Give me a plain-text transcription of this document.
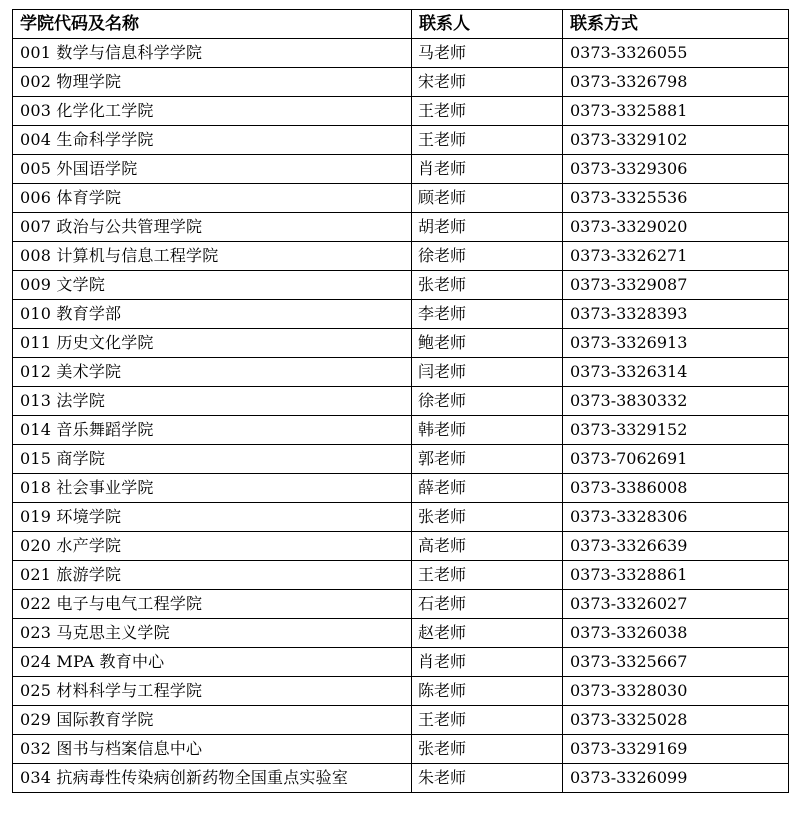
学院代码及名称	联系人	联系方式
001 数学与信息科学学院	马老师	0373-3326055
002 物理学院	宋老师	0373-3326798
003 化学化工学院	王老师	0373-3325881
004 生命科学学院	王老师	0373-3329102
005 外国语学院	肖老师	0373-3329306
006 体育学院	顾老师	0373-3325536
007 政治与公共管理学院	胡老师	0373-3329020
008 计算机与信息工程学院	徐老师	0373-3326271
009 文学院	张老师	0373-3329087
010 教育学部	李老师	0373-3328393
011 历史文化学院	鲍老师	0373-3326913
012 美术学院	闫老师	0373-3326314
013 法学院	徐老师	0373-3830332
014 音乐舞蹈学院	韩老师	0373-3329152
015 商学院	郭老师	0373-7062691
018 社会事业学院	薛老师	0373-3386008
019 环境学院	张老师	0373-3328306
020 水产学院	高老师	0373-3326639
021 旅游学院	王老师	0373-3328861
022 电子与电气工程学院	石老师	0373-3326027
023 马克思主义学院	赵老师	0373-3326038
024 MPA 教育中心	肖老师	0373-3325667
025 材料科学与工程学院	陈老师	0373-3328030
029 国际教育学院	王老师	0373-3325028
032 图书与档案信息中心	张老师	0373-3329169
034 抗病毒性传染病创新药物全国重点实验室	朱老师	0373-3326099
